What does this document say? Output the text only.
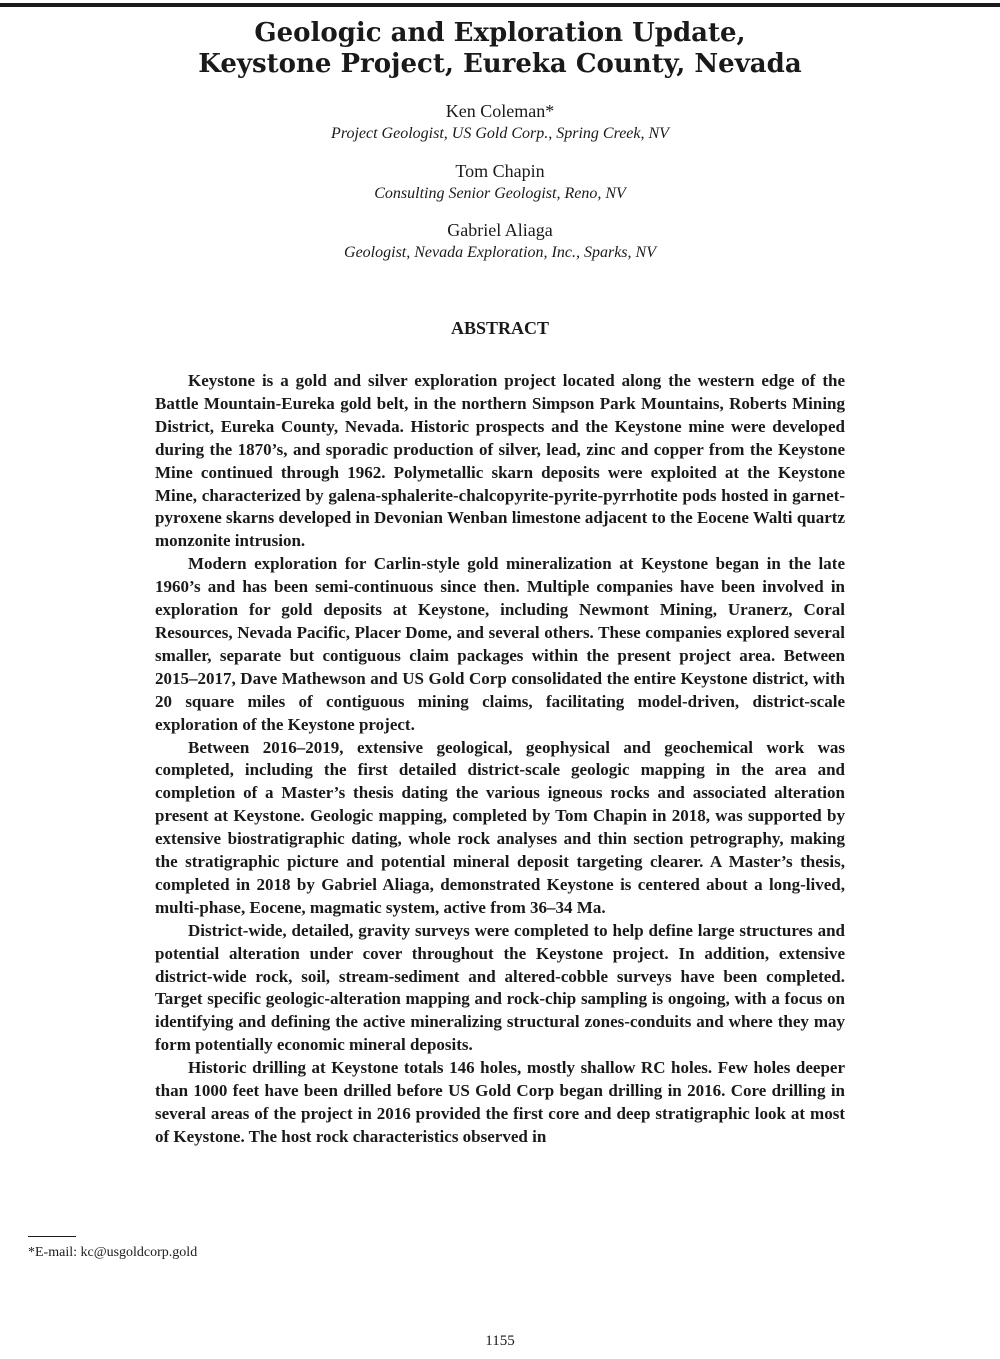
Geologic and Exploration Update,
Keystone Project, Eureka County, Nevada
Ken Coleman*
Project Geologist, US Gold Corp., Spring Creek, NV
Tom Chapin
Consulting Senior Geologist, Reno, NV
Gabriel Aliaga
Geologist, Nevada Exploration, Inc., Sparks, NV
ABSTRACT

Keystone is a gold and silver exploration project located along the western edge of the Battle Mountain-Eureka gold belt, in the northern Simpson Park Mountains, Roberts Mining District, Eureka County, Nevada. Historic prospects and the Keystone mine were developed during the 1870’s, and sporadic production of silver, lead, zinc and copper from the Keystone Mine continued through 1962. Polymetallic skarn deposits were exploited at the Keystone Mine, characterized by galena-sphalerite-chalcopyrite-pyrite-pyrrhotite pods hosted in garnet-pyroxene skarns developed in Devonian Wenban limestone adjacent to the Eocene Walti quartz monzonite intrusion.

Modern exploration for Carlin-style gold mineralization at Keystone began in the late 1960’s and has been semi-continuous since then. Multiple companies have been involved in exploration for gold deposits at Keystone, including Newmont Mining, Uranerz, Coral Resources, Nevada Pacific, Placer Dome, and several others. These companies explored several smaller, separate but contiguous claim packages within the present project area. Between 2015–2017, Dave Mathewson and US Gold Corp consolidated the entire Keystone district, with 20 square miles of contiguous mining claims, facilitating model-driven, district-scale exploration of the Keystone project.

Between 2016–2019, extensive geological, geophysical and geochemical work was completed, including the first detailed district-scale geologic mapping in the area and completion of a Master’s thesis dating the various igneous rocks and associated alteration present at Keystone. Geologic mapping, completed by Tom Chapin in 2018, was supported by extensive biostratigraphic dating, whole rock analyses and thin section petrography, making the stratigraphic picture and potential mineral deposit targeting clearer. A Master’s thesis, completed in 2018 by Gabriel Aliaga, demonstrated Keystone is centered about a long-lived, multi-phase, Eocene, magmatic system, active from 36–34 Ma.

District-wide, detailed, gravity surveys were completed to help define large structures and potential alteration under cover throughout the Keystone project. In addition, extensive district-wide rock, soil, stream-sediment and altered-cobble surveys have been completed. Target specific geologic-alteration mapping and rock-chip sampling is ongoing, with a focus on identifying and defining the active mineralizing structural zones-conduits and where they may form potentially economic mineral deposits.

Historic drilling at Keystone totals 146 holes, mostly shallow RC holes. Few holes deeper than 1000 feet have been drilled before US Gold Corp began drilling in 2016. Core drilling in several areas of the project in 2016 provided the first core and deep stratigraphic look at most of Keystone. The host rock characteristics observed in

*E-mail: kc@usgoldcorp.gold
1155
